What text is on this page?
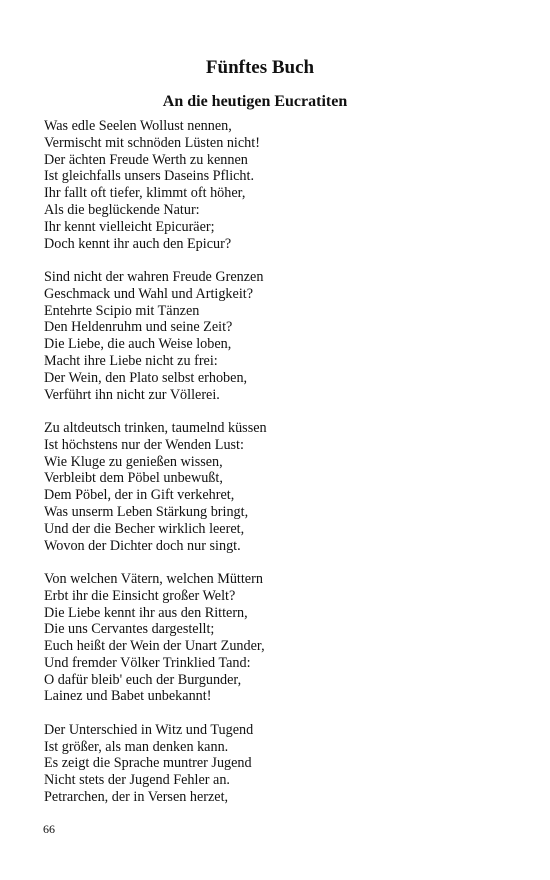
Fünftes Buch
An die heutigen Eucratiten
Was edle Seelen Wollust nennen,
Vermischt mit schnöden Lüsten nicht!
Der ächten Freude Werth zu kennen
Ist gleichfalls unsers Daseins Pflicht.
Ihr fallt oft tiefer, klimmt oft höher,
Als die beglückende Natur:
Ihr kennt vielleicht Epicuräer;
Doch kennt ihr auch den Epicur?
Sind nicht der wahren Freude Grenzen
Geschmack und Wahl und Artigkeit?
Entehrte Scipio mit Tänzen
Den Heldenruhm und seine Zeit?
Die Liebe, die auch Weise loben,
Macht ihre Liebe nicht zu frei:
Der Wein, den Plato selbst erhoben,
Verführt ihn nicht zur Völlerei.
Zu altdeutsch trinken, taumelnd küssen
Ist höchstens nur der Wenden Lust:
Wie Kluge zu genießen wissen,
Verbleibt dem Pöbel unbewußt,
Dem Pöbel, der in Gift verkehret,
Was unserm Leben Stärkung bringt,
Und der die Becher wirklich leeret,
Wovon der Dichter doch nur singt.
Von welchen Vätern, welchen Müttern
Erbt ihr die Einsicht großer Welt?
Die Liebe kennt ihr aus den Rittern,
Die uns Cervantes dargestellt;
Euch heißt der Wein der Unart Zunder,
Und fremder Völker Trinklied Tand:
O dafür bleib' euch der Burgunder,
Lainez und Babet unbekannt!
Der Unterschied in Witz und Tugend
Ist größer, als man denken kann.
Es zeigt die Sprache muntrer Jugend
Nicht stets der Jugend Fehler an.
Petrarchen, der in Versen herzet,
66
